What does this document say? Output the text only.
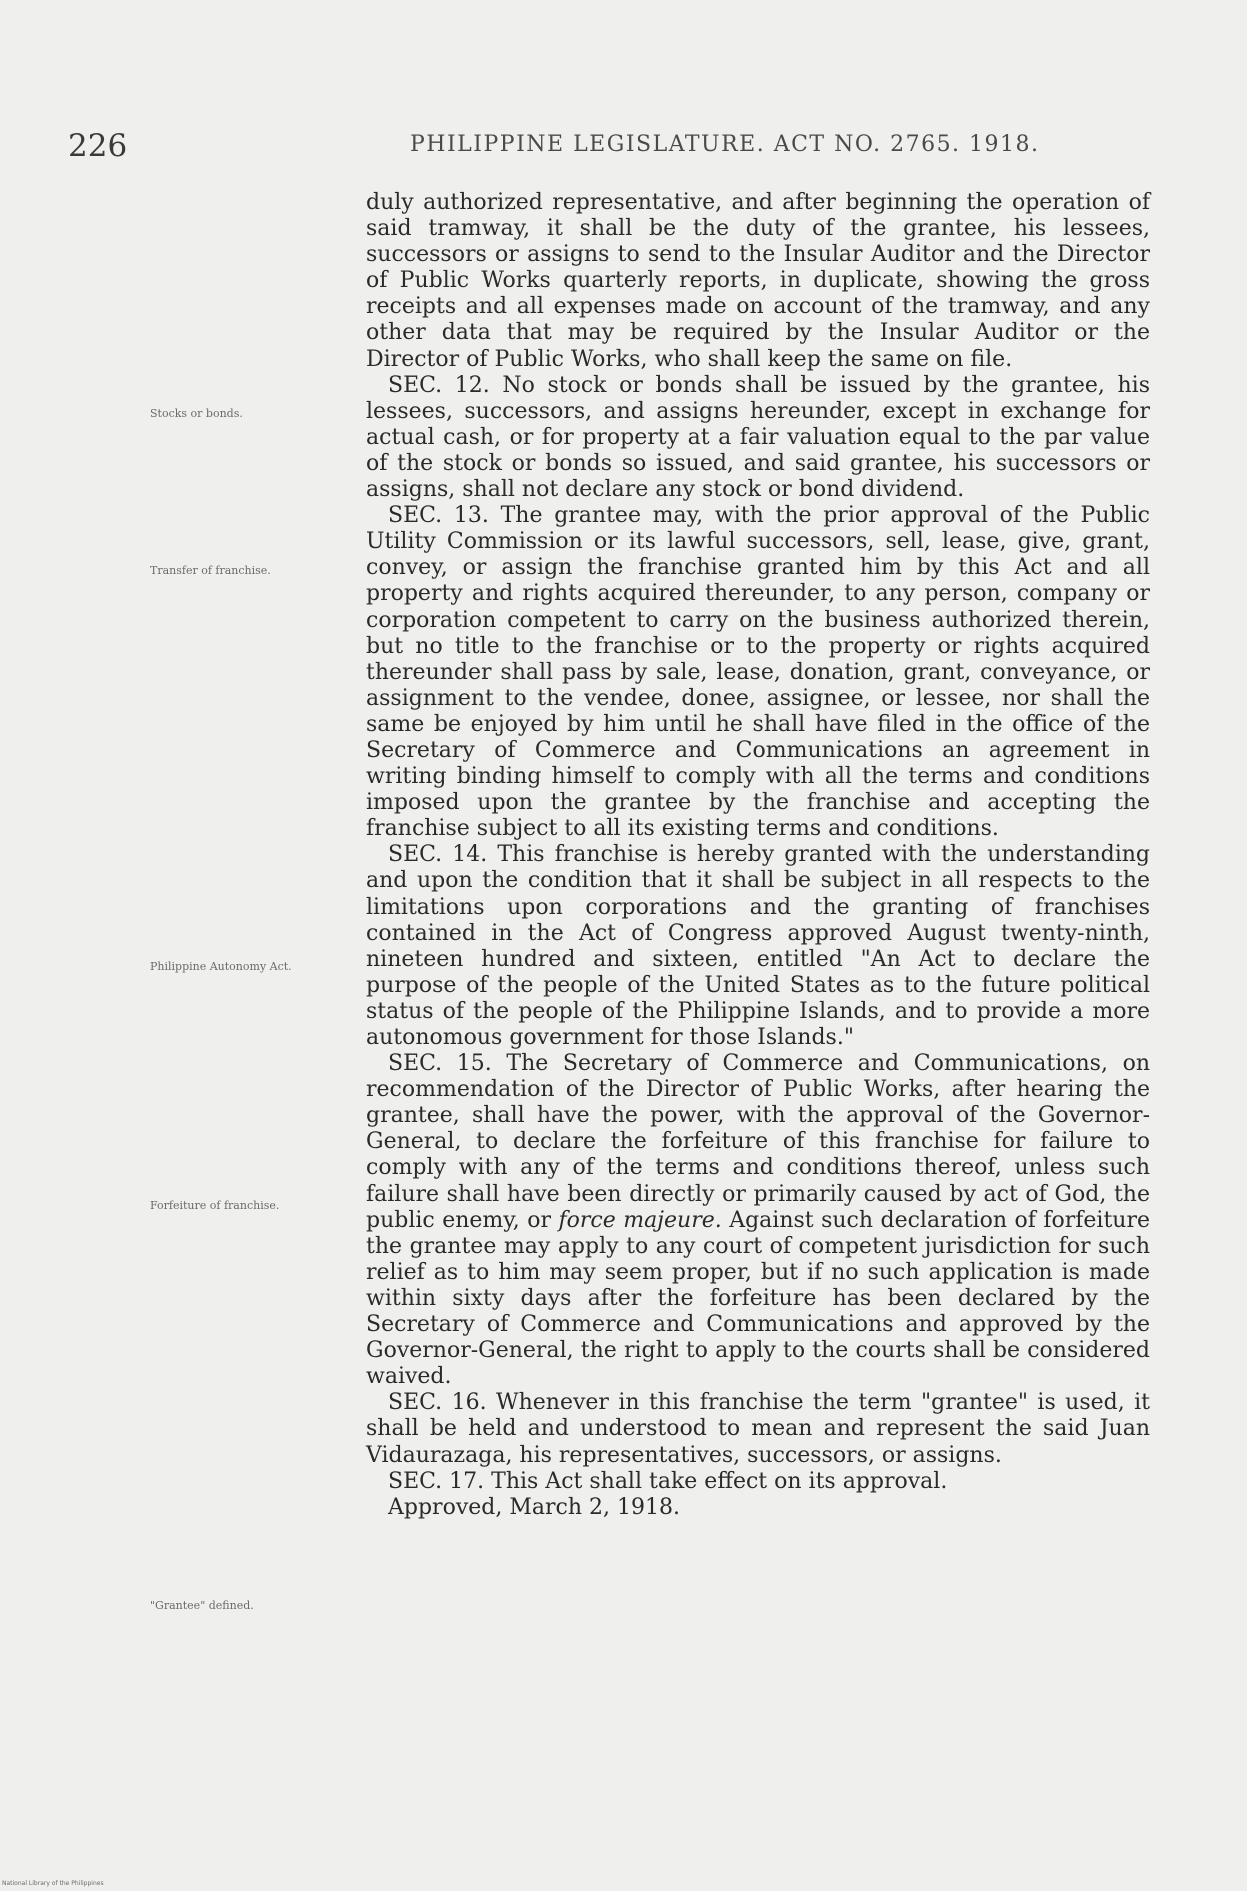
226	PHILIPPINE LEGISLATURE. ACT NO. 2765. 1918.
Stocks or bonds.
Transfer of franchise.
Philippine Autonomy Act.
Forfeiture of franchise.
"Grantee" defined.

duly authorized representative, and after beginning the operation of said tramway, it shall be the duty of the grantee, his lessees, successors or assigns to send to the Insular Auditor and the Director of Public Works quarterly reports, in duplicate, showing the gross receipts and all expenses made on account of the tramway, and any other data that may be required by the Insular Auditor or the Director of Public Works, who shall keep the same on file.

SEC. 12. No stock or bonds shall be issued by the grantee, his lessees, successors, and assigns hereunder, except in exchange for actual cash, or for property at a fair valuation equal to the par value of the stock or bonds so issued, and said grantee, his successors or assigns, shall not declare any stock or bond dividend.

SEC. 13. The grantee may, with the prior approval of the Public Utility Commission or its lawful successors, sell, lease, give, grant, convey, or assign the franchise granted him by this Act and all property and rights acquired thereunder, to any person, company or corporation competent to carry on the business authorized therein, but no title to the franchise or to the property or rights acquired thereunder shall pass by sale, lease, donation, grant, conveyance, or assignment to the vendee, donee, assignee, or lessee, nor shall the same be enjoyed by him until he shall have filed in the office of the Secretary of Commerce and Communications an agreement in writing binding himself to comply with all the terms and conditions imposed upon the grantee by the franchise and accepting the franchise subject to all its existing terms and conditions.

SEC. 14. This franchise is hereby granted with the understanding and upon the condition that it shall be subject in all respects to the limitations upon corporations and the granting of franchises contained in the Act of Congress approved August twenty-ninth, nineteen hundred and sixteen, entitled "An Act to declare the purpose of the people of the United States as to the future political status of the people of the Philippine Islands, and to provide a more autonomous government for those Islands."

SEC. 15. The Secretary of Commerce and Communications, on recommendation of the Director of Public Works, after hearing the grantee, shall have the power, with the approval of the Governor-General, to declare the forfeiture of this franchise for failure to comply with any of the terms and conditions thereof, unless such failure shall have been directly or primarily caused by act of God, the public enemy, or force majeure. Against such declaration of forfeiture the grantee may apply to any court of competent jurisdiction for such relief as to him may seem proper, but if no such application is made within sixty days after the forfeiture has been declared by the Secretary of Commerce and Communications and approved by the Governor-General, the right to apply to the courts shall be considered waived.

SEC. 16. Whenever in this franchise the term "grantee" is used, it shall be held and understood to mean and represent the said Juan Vidaurazaga, his representatives, successors, or assigns.

SEC. 17. This Act shall take effect on its approval.

Approved, March 2, 1918.

National Library of the Philippines
